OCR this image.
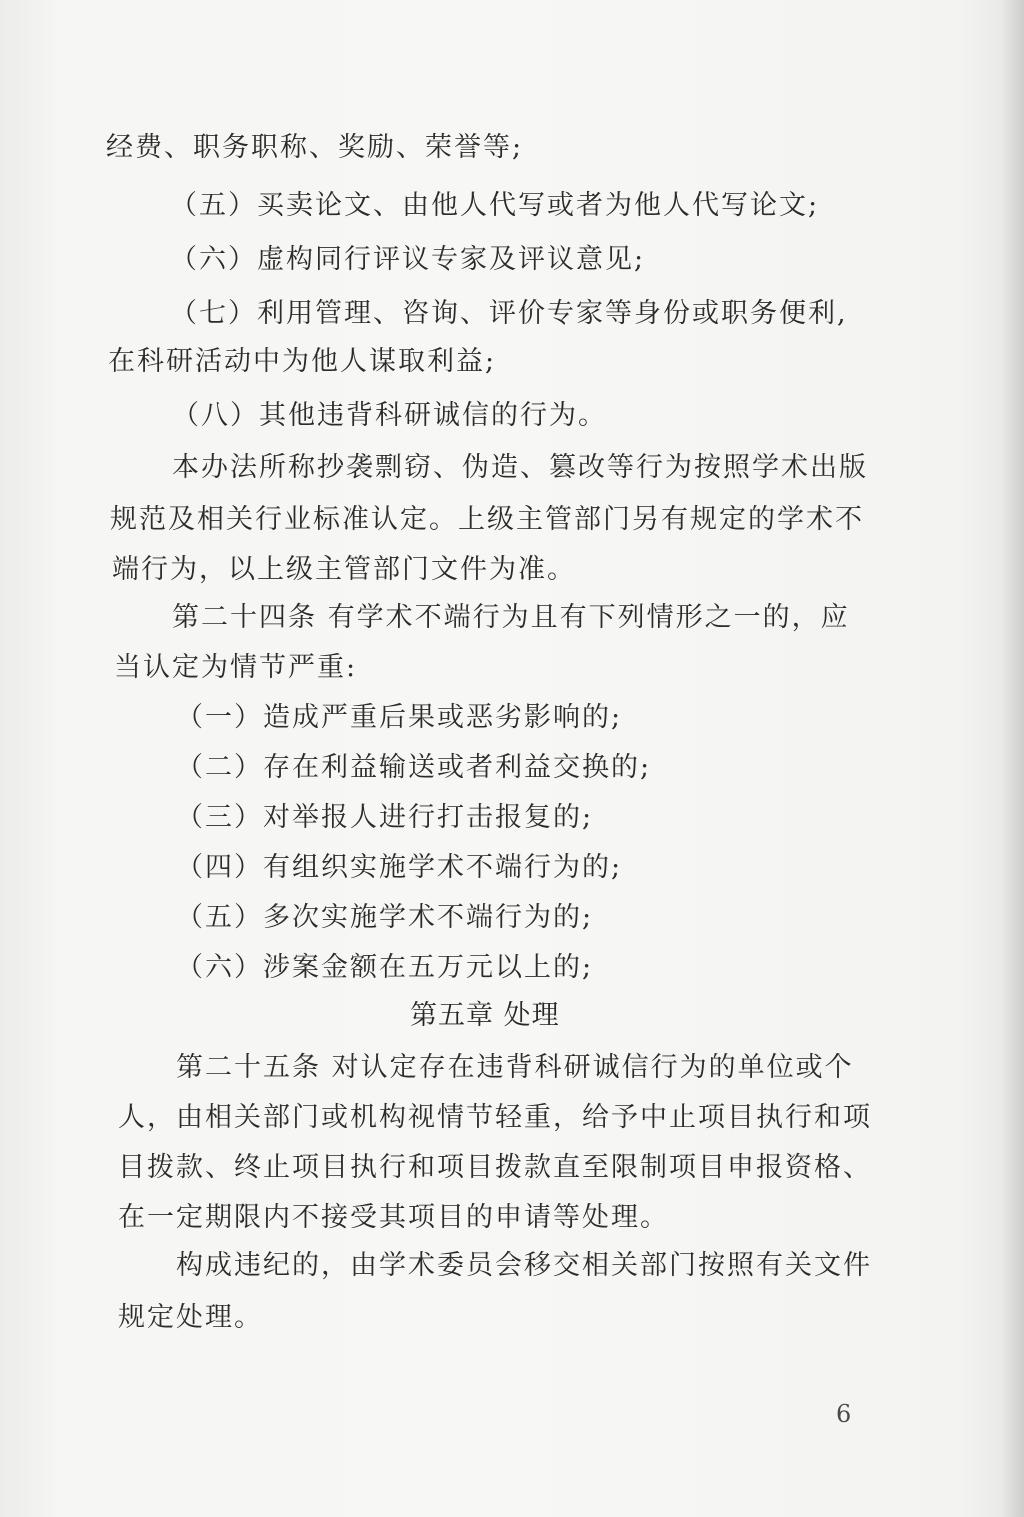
经费、职务职称、奖励、荣誉等;
（五）买卖论文、由他人代写或者为他人代写论文;
（六）虚构同行评议专家及评议意见;
（七）利用管理、咨询、评价专家等身份或职务便利,
在科研活动中为他人谋取利益;
（八）其他违背科研诚信的行为。
本办法所称抄袭剽窃、伪造、篡改等行为按照学术出版
规范及相关行业标准认定。上级主管部门另有规定的学术不
端行为，以上级主管部门文件为准。
第二十四条 有学术不端行为且有下列情形之一的，应
当认定为情节严重:
（一）造成严重后果或恶劣影响的;
（二）存在利益输送或者利益交换的;
（三）对举报人进行打击报复的;
（四）有组织实施学术不端行为的;
（五）多次实施学术不端行为的;
（六）涉案金额在五万元以上的;
第五章 处理
第二十五条 对认定存在违背科研诚信行为的单位或个
人，由相关部门或机构视情节轻重，给予中止项目执行和项
目拨款、终止项目执行和项目拨款直至限制项目申报资格、
在一定期限内不接受其项目的申请等处理。
构成违纪的，由学术委员会移交相关部门按照有关文件
规定处理。
6
